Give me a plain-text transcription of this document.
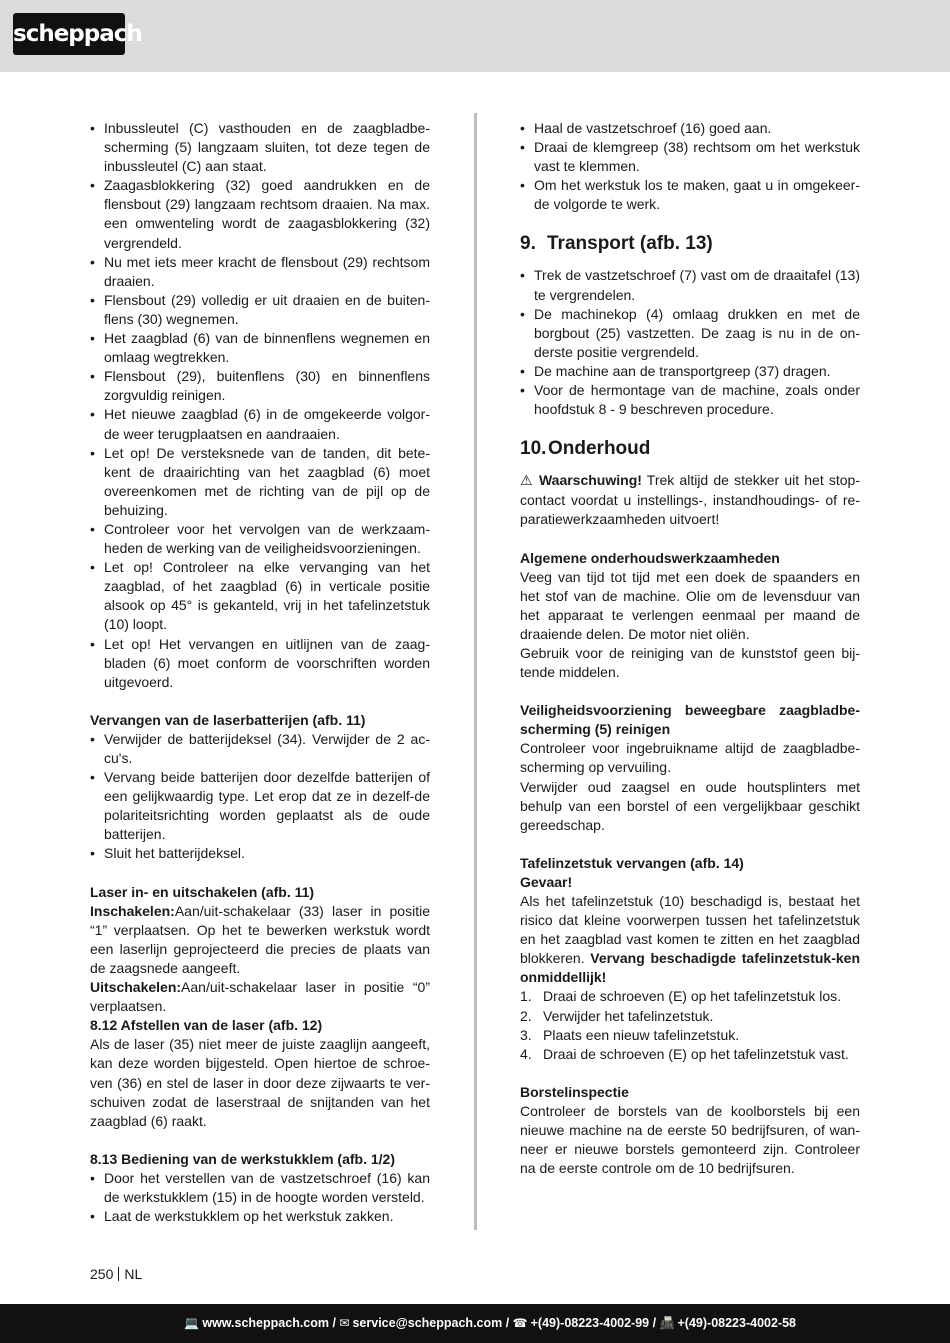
scheppach
• Inbussleutel (C) vasthouden en de zaagbladbe-scherming (5) langzaam sluiten, tot deze tegen de inbussleutel (C) aan staat.
• Zaagasblokkering (32) goed aandrukken en de flensbout (29) langzaam rechtsom draaien. Na max. een omwenteling wordt de zaagasblokkering (32) vergrendeld.
• Nu met iets meer kracht de flensbout (29) rechtsom draaien.
• Flensbout (29) volledig er uit draaien en de buiten-flens (30) wegnemen.
• Het zaagblad (6) van de binnenflens wegnemen en omlaag wegtrekken.
• Flensbout (29), buitenflens (30) en binnenflens zorgvuldig reinigen.
• Het nieuwe zaagblad (6) in de omgekeerde volgor-de weer terugplaatsen en aandraaien.
• Let op! De versteksnede van de tanden, dit bete-kent de draairichting van het zaagblad (6) moet overeenkomen met de richting van de pijl op de behuizing.
• Controleer voor het vervolgen van de werkzaam-heden de werking van de veiligheidsvoorzieningen.
• Let op! Controleer na elke vervanging van het zaagblad, of het zaagblad (6) in verticale positie alsook op 45° is gekanteld, vrij in het tafelinzetstuk (10) loopt.
• Let op! Het vervangen en uitlijnen van de zaag-bladen (6) moet conform de voorschriften worden uitgevoerd.

Vervangen van de laserbatterijen (afb. 11)

• Verwijder de batterijdeksel (34). Verwijder de 2 ac-cu's.
• Vervang beide batterijen door dezelfde batterijen of een gelijkwaardig type. Let erop dat ze in dezelf-de polariteitsrichting worden geplaatst als de oude batterijen.
• Sluit het batterijdeksel.

Laser in- en uitschakelen (afb. 11)

Inschakelen:Aan/uit-schakelaar (33) laser in positie “1” verplaatsen. Op het te bewerken werkstuk wordt een laserlijn geprojecteerd die precies de plaats van de zaagsnede aangeeft.

Uitschakelen:Aan/uit-schakelaar laser in positie “0” verplaatsen.

8.12 Afstellen van de laser (afb. 12)

Als de laser (35) niet meer de juiste zaaglijn aangeeft, kan deze worden bijgesteld. Open hiertoe de schroe-ven (36) en stel de laser in door deze zijwaarts te ver-schuiven zodat de laserstraal de snijtanden van het zaagblad (6) raakt.

8.13 Bediening van de werkstukklem (afb. 1/2)

• Door het verstellen van de vastzetschroef (16) kan de werkstukklem (15) in de hoogte worden versteld.
• Laat de werkstukklem op het werkstuk zakken.
• Haal de vastzetschroef (16) goed aan.
• Draai de klemgreep (38) rechtsom om het werkstuk vast te klemmen.
• Om het werkstuk los te maken, gaat u in omgekeer-de volgorde te werk.
9. Transport (afb. 13)
• Trek de vastzetschroef (7) vast om de draaitafel (13) te vergrendelen.
• De machinekop (4) omlaag drukken en met de borgbout (25) vastzetten. De zaag is nu in de on-derste positie vergrendeld.
• De machine aan de transportgreep (37) dragen.
• Voor de hermontage van de machine, zoals onder hoofdstuk 8 - 9 beschreven procedure.
10.Onderhoud

⚠ Waarschuwing! Trek altijd de stekker uit het stop-contact voordat u instellings-, instandhoudings- of re-paratiewerkzaamheden uitvoert!

Algemene onderhoudswerkzaamheden

Veeg van tijd tot tijd met een doek de spaanders en het stof van de machine. Olie om de levensduur van het apparaat te verlengen eenmaal per maand de draaiende delen. De motor niet oliën.

Gebruik voor de reiniging van de kunststof geen bij-tende middelen.

Veiligheidsvoorziening beweegbare zaagbladbe-scherming (5) reinigen

Controleer voor ingebruikname altijd de zaagbladbe-scherming op vervuiling.

Verwijder oud zaagsel en oude houtsplinters met behulp van een borstel of een vergelijkbaar geschikt gereedschap.

Tafelinzetstuk vervangen (afb. 14)

Gevaar!

Als het tafelinzetstuk (10) beschadigd is, bestaat het risico dat kleine voorwerpen tussen het tafelinzetstuk en het zaagblad vast komen te zitten en het zaagblad blokkeren. Vervang beschadigde tafelinzetstuk-ken onmiddellijk!

1. Draai de schroeven (E) op het tafelinzetstuk los.
2. Verwijder het tafelinzetstuk.
3. Plaats een nieuw tafelinzetstuk.
4. Draai de schroeven (E) op het tafelinzetstuk vast.

Borstelinspectie

Controleer de borstels van de koolborstels bij een nieuwe machine na de eerste 50 bedrijfsuren, of wan-neer er nieuwe borstels gemonteerd zijn. Controleer na de eerste controle om de 10 bedrijfsuren.

250 NL
💻 www.scheppach.com / ✉ service@scheppach.com / ☎ +(49)-08223-4002-99 / 📠 +(49)-08223-4002-58
